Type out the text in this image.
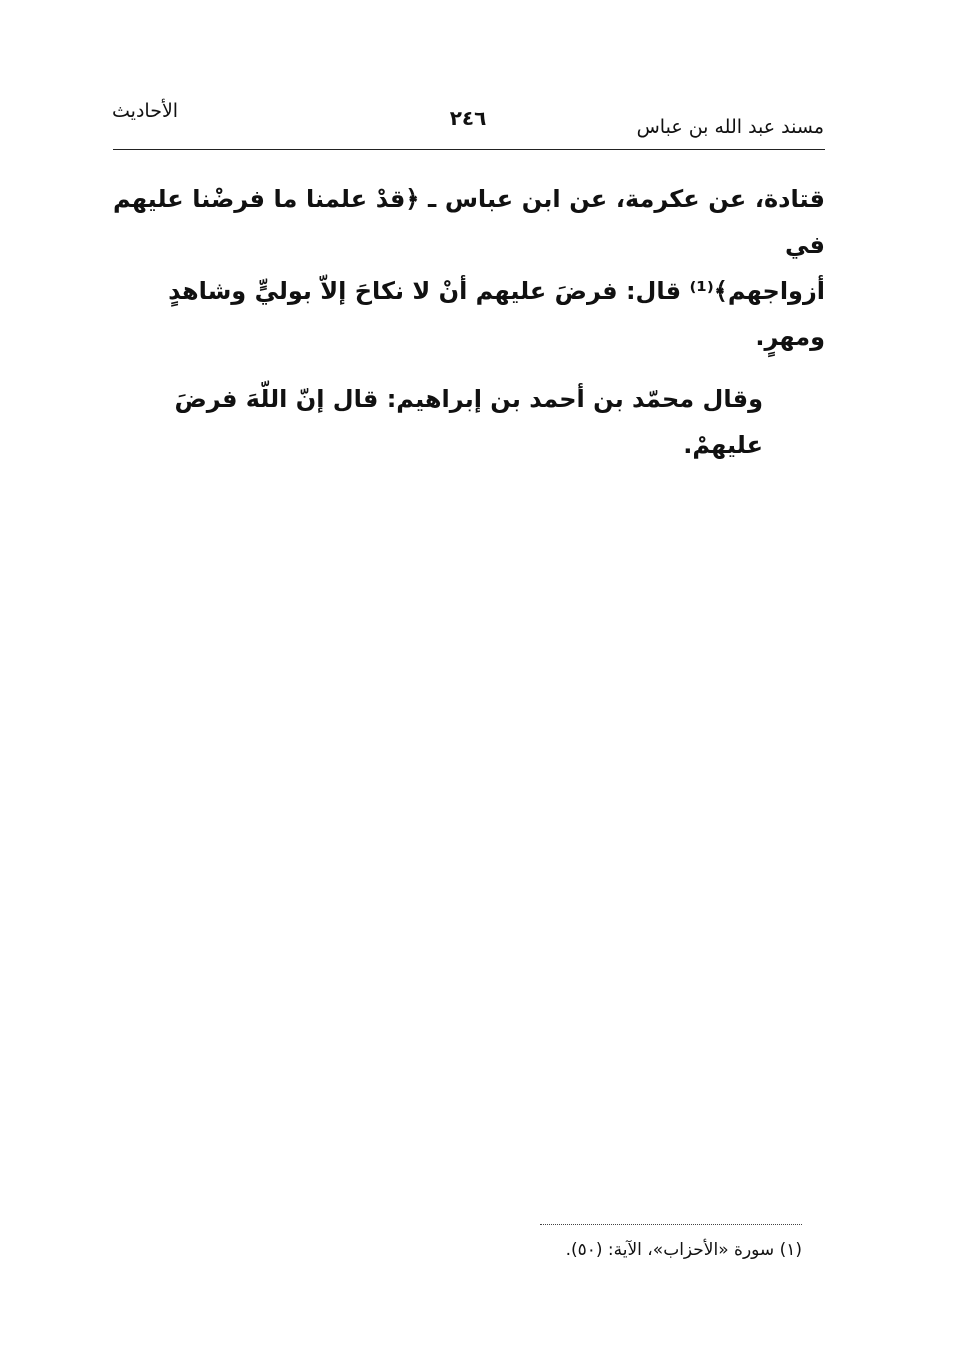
مسند عبد الله بن عباس
٢٤٦
الأحاديث

قتادة، عن عكرمة، عن ابن عباس ـ ﴿قدْ علمنا ما فرضْنا عليهم في

أزواجهم﴾⁽¹⁾ قال: فرضَ عليهم أنْ لا نكاحَ إلاّ بوليٍّ وشاهدٍ ومهرٍ.

وقال محمّد بن أحمد بن إبراهيم: قال إنّ اللّهَ فرضَ عليهمْ.

(١) سورة «الأحزاب»، الآية: (٥٠).
